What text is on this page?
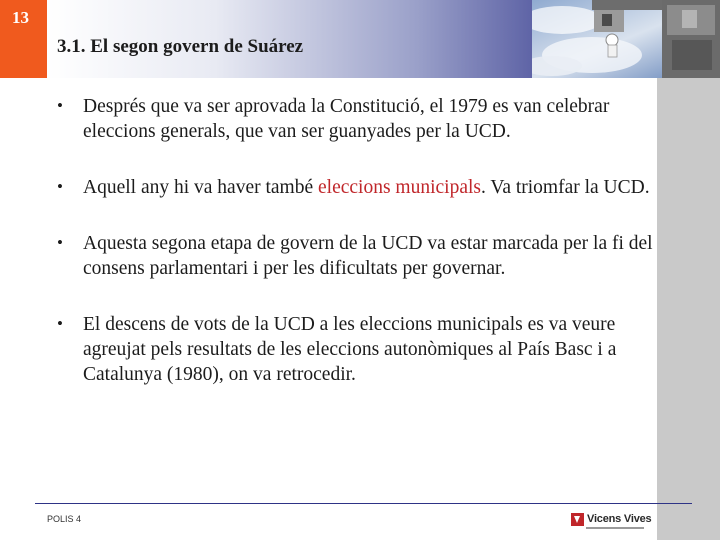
13
3.1. El segon govern de Suárez
• Després que va ser aprovada la Constitució, el 1979 es van celebrar eleccions generals, que van ser guanyades per la UCD.
• Aquell any hi va haver també eleccions municipals. Va triomfar la UCD.
• Aquesta segona etapa de govern de la UCD va estar marcada per la fi del consens parlamentari i per les dificultats per governar.
• El descens de vots de la UCD a les eleccions municipals es va veure agreujat pels resultats de les eleccions autonòmiques al País Basc i a Catalunya (1980), on va retrocedir.
POLIS 4	Vicens Vives
